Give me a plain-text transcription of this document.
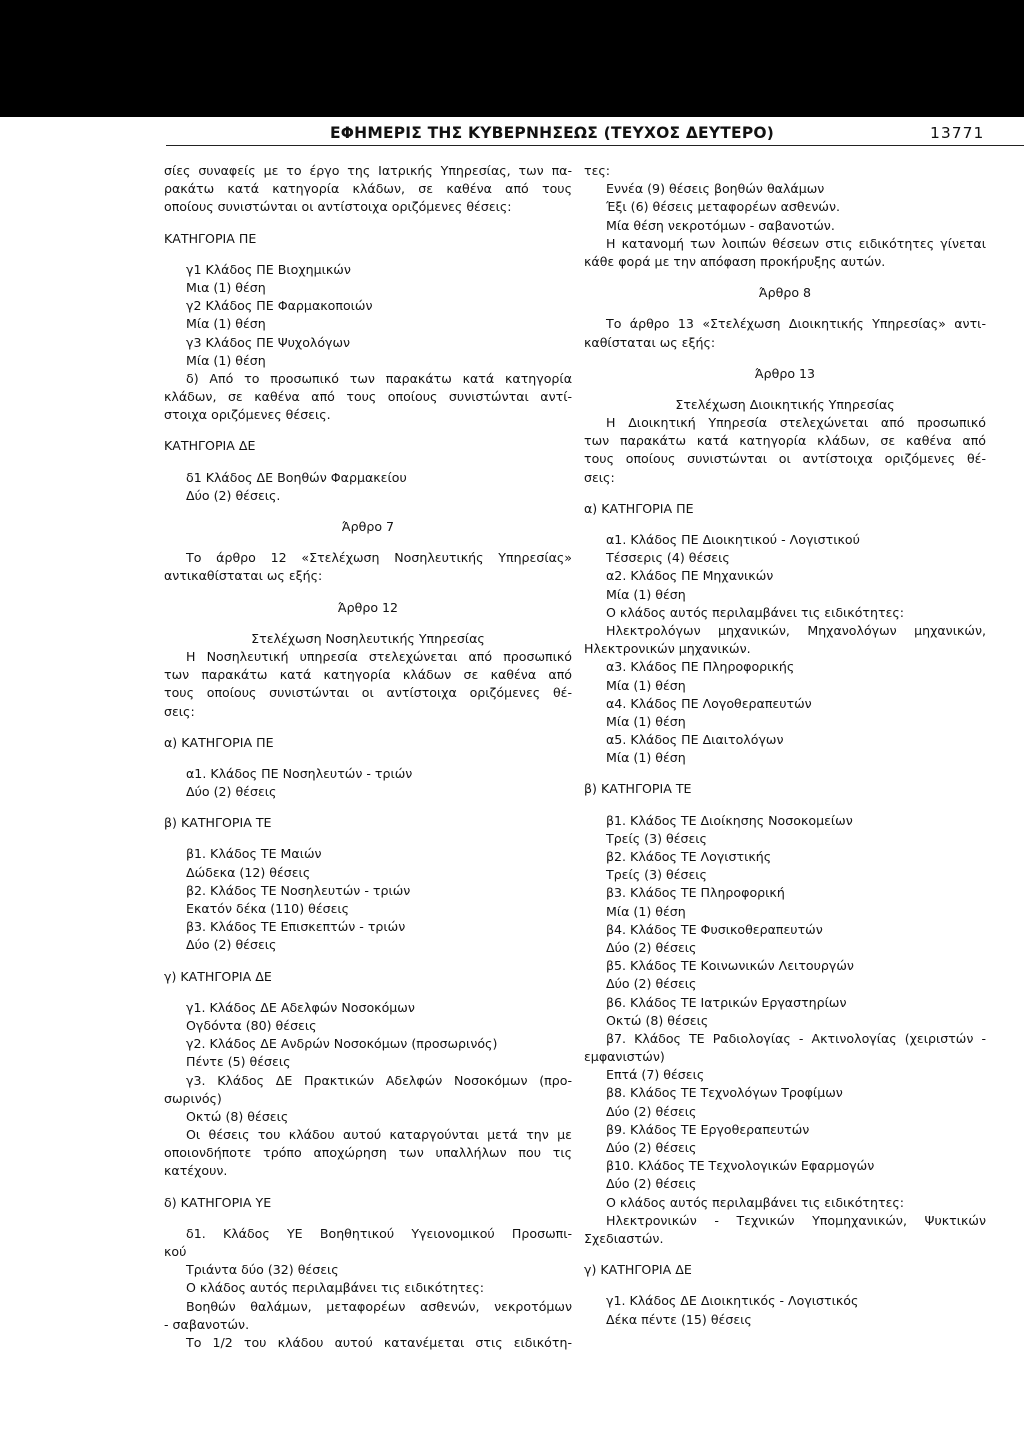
ΕΦΗΜΕΡΙΣ ΤΗΣ ΚΥΒΕΡΝΗΣΕΩΣ (ΤΕΥΧΟΣ ΔΕΥΤΕΡΟ)	13771
σίες συναφείς με το έργο της Ιατρικής Υπηρεσίας, των πα-
ρακάτω κατά κατηγορία κλάδων, σε καθένα από τους
οποίους συνιστώνται οι αντίστοιχα οριζόμενες θέσεις:
ΚΑΤΗΓΟΡΙΑ ΠΕ
γ1 Κλάδος ΠΕ Βιοχημικών
Μια (1) θέση
γ2 Κλάδος ΠΕ Φαρμακοποιών
Μία (1) θέση
γ3 Κλάδος ΠΕ Ψυχολόγων
Μία (1) θέση
δ) Από το προσωπικό των παρακάτω κατά κατηγορία
κλάδων, σε καθένα από τους οποίους συνιστώνται αντί-
στοιχα οριζόμενες θέσεις.
ΚΑΤΗΓΟΡΙΑ ΔΕ
δ1 Κλάδος ΔΕ Βοηθών Φαρμακείου
Δύο (2) θέσεις.
Άρθρο 7
Το άρθρο 12 «Στελέχωση Νοσηλευτικής Υπηρεσίας»
αντικαθίσταται ως εξής:
Άρθρο 12
Στελέχωση Νοσηλευτικής Υπηρεσίας
Η Νοσηλευτική υπηρεσία στελεχώνεται από προσωπικό
των παρακάτω κατά κατηγορία κλάδων σε καθένα από
τους οποίους συνιστώνται οι αντίστοιχα οριζόμενες θέ-
σεις:
α) ΚΑΤΗΓΟΡΙΑ ΠΕ
α1. Κλάδος ΠΕ Νοσηλευτών - τριών
Δύο (2) θέσεις
β) ΚΑΤΗΓΟΡΙΑ ΤΕ
β1. Κλάδος ΤΕ Μαιών
Δώδεκα (12) θέσεις
β2. Κλάδος ΤΕ Νοσηλευτών - τριών
Εκατόν δέκα (110) θέσεις
β3. Κλάδος ΤΕ Επισκεπτών - τριών
Δύο (2) θέσεις
γ) ΚΑΤΗΓΟΡΙΑ ΔΕ
γ1. Κλάδος ΔΕ Αδελφών Νοσοκόμων
Ογδόντα (80) θέσεις
γ2. Κλάδος ΔΕ Ανδρών Νοσοκόμων (προσωρινός)
Πέντε (5) θέσεις
γ3. Κλάδος ΔΕ Πρακτικών Αδελφών Νοσοκόμων (προ-
σωρινός)
Οκτώ (8) θέσεις
Οι θέσεις του κλάδου αυτού καταργούνται μετά την με
οποιονδήποτε τρόπο αποχώρηση των υπαλλήλων που τις
κατέχουν.
δ) ΚΑΤΗΓΟΡΙΑ ΥΕ
δ1. Κλάδος ΥΕ Βοηθητικού Υγειονομικού Προσωπι-
κού
Τριάντα δύο (32) θέσεις
Ο κλάδος αυτός περιλαμβάνει τις ειδικότητες:
Βοηθών θαλάμων, μεταφορέων ασθενών, νεκροτόμων
- σαβανοτών.
Το 1/2 του κλάδου αυτού κατανέμεται στις ειδικότη-
τες:
Εννέα (9) θέσεις βοηθών θαλάμων
Έξι (6) θέσεις μεταφορέων ασθενών.
Μία θέση νεκροτόμων - σαβανοτών.
Η κατανομή των λοιπών θέσεων στις ειδικότητες γίνεται
κάθε φορά με την απόφαση προκήρυξης αυτών.
Άρθρο 8
Το άρθρο 13 «Στελέχωση Διοικητικής Υπηρεσίας» αντι-
καθίσταται ως εξής:
Άρθρο 13
Στελέχωση Διοικητικής Υπηρεσίας
Η Διοικητική Υπηρεσία στελεχώνεται από προσωπικό
των παρακάτω κατά κατηγορία κλάδων, σε καθένα από
τους οποίους συνιστώνται οι αντίστοιχα οριζόμενες θέ-
σεις:
α) ΚΑΤΗΓΟΡΙΑ ΠΕ
α1. Κλάδος ΠΕ Διοικητικού - Λογιστικού
Τέσσερις (4) θέσεις
α2. Κλάδος ΠΕ Μηχανικών
Μία (1) θέση
Ο κλάδος αυτός περιλαμβάνει τις ειδικότητες:
Ηλεκτρολόγων μηχανικών, Μηχανολόγων μηχανικών,
Ηλεκτρονικών μηχανικών.
α3. Κλάδος ΠΕ Πληροφορικής
Μία (1) θέση
α4. Κλάδος ΠΕ Λογοθεραπευτών
Μία (1) θέση
α5. Κλάδος ΠΕ Διαιτολόγων
Μία (1) θέση
β) ΚΑΤΗΓΟΡΙΑ ΤΕ
β1. Κλάδος ΤΕ Διοίκησης Νοσοκομείων
Τρείς (3) θέσεις
β2. Κλάδος ΤΕ Λογιστικής
Τρείς (3) θέσεις
β3. Κλάδος ΤΕ Πληροφορική
Μία (1) θέση
β4. Κλάδος ΤΕ Φυσικοθεραπευτών
Δύο (2) θέσεις
β5. Κλάδος ΤΕ Κοινωνικών Λειτουργών
Δύο (2) θέσεις
β6. Κλάδος ΤΕ Ιατρικών Εργαστηρίων
Οκτώ (8) θέσεις
β7. Κλάδος ΤΕ Ραδιολογίας - Ακτινολογίας (χειριστών -
εμφανιστών)
Επτά (7) θέσεις
β8. Κλάδος ΤΕ Τεχνολόγων Τροφίμων
Δύο (2) θέσεις
β9. Κλάδος ΤΕ Εργοθεραπευτών
Δύο (2) θέσεις
β10. Κλάδος ΤΕ Τεχνολογικών Εφαρμογών
Δύο (2) θέσεις
Ο κλάδος αυτός περιλαμβάνει τις ειδικότητες:
Ηλεκτρονικών - Τεχνικών Υπομηχανικών, Ψυκτικών
Σχεδιαστών.
γ) ΚΑΤΗΓΟΡΙΑ ΔΕ
γ1. Κλάδος ΔΕ Διοικητικός - Λογιστικός
Δέκα πέντε (15) θέσεις
